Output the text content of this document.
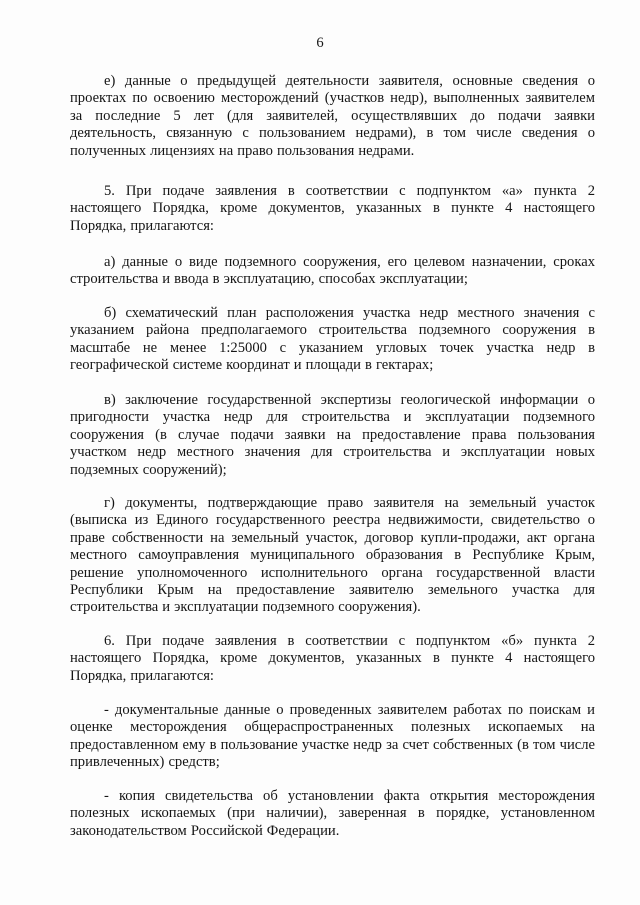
6

е) данные о предыдущей деятельности заявителя, основные сведения о проектах по освоению месторождений (участков недр), выполненных заявителем за последние 5 лет (для заявителей, осуществлявших до подачи заявки деятельность, связанную с пользованием недрами), в том числе сведения о полученных лицензиях на право пользования недрами.

5. При подаче заявления в соответствии с подпунктом «а» пункта 2 настоящего Порядка, кроме документов, указанных в пункте 4 настоящего Порядка, прилагаются:

а) данные о виде подземного сооружения, его целевом назначении, сроках строительства и ввода в эксплуатацию, способах эксплуатации;

б) схематический план расположения участка недр местного значения с указанием района предполагаемого строительства подземного сооружения в масштабе не менее 1:25000 с указанием угловых точек участка недр в географической системе координат и площади в гектарах;

в) заключение государственной экспертизы геологической информации о пригодности участка недр для строительства и эксплуатации подземного сооружения (в случае подачи заявки на предоставление права пользования участком недр местного значения для строительства и эксплуатации новых подземных сооружений);

г) документы, подтверждающие право заявителя на земельный участок (выписка из Единого государственного реестра недвижимости, свидетельство о праве собственности на земельный участок, договор купли-продажи, акт органа местного самоуправления муниципального образования в Республике Крым, решение уполномоченного исполнительного органа государственной власти Республики Крым на предоставление заявителю земельного участка для строительства и эксплуатации подземного сооружения).

6. При подаче заявления в соответствии с подпунктом «б» пункта 2 настоящего Порядка, кроме документов, указанных в пункте 4 настоящего Порядка, прилагаются:

- документальные данные о проведенных заявителем работах по поискам и оценке месторождения общераспространенных полезных ископаемых на предоставленном ему в пользование участке недр за счет собственных (в том числе привлеченных) средств;

- копия свидетельства об установлении факта открытия месторождения полезных ископаемых (при наличии), заверенная в порядке, установленном законодательством Российской Федерации.
